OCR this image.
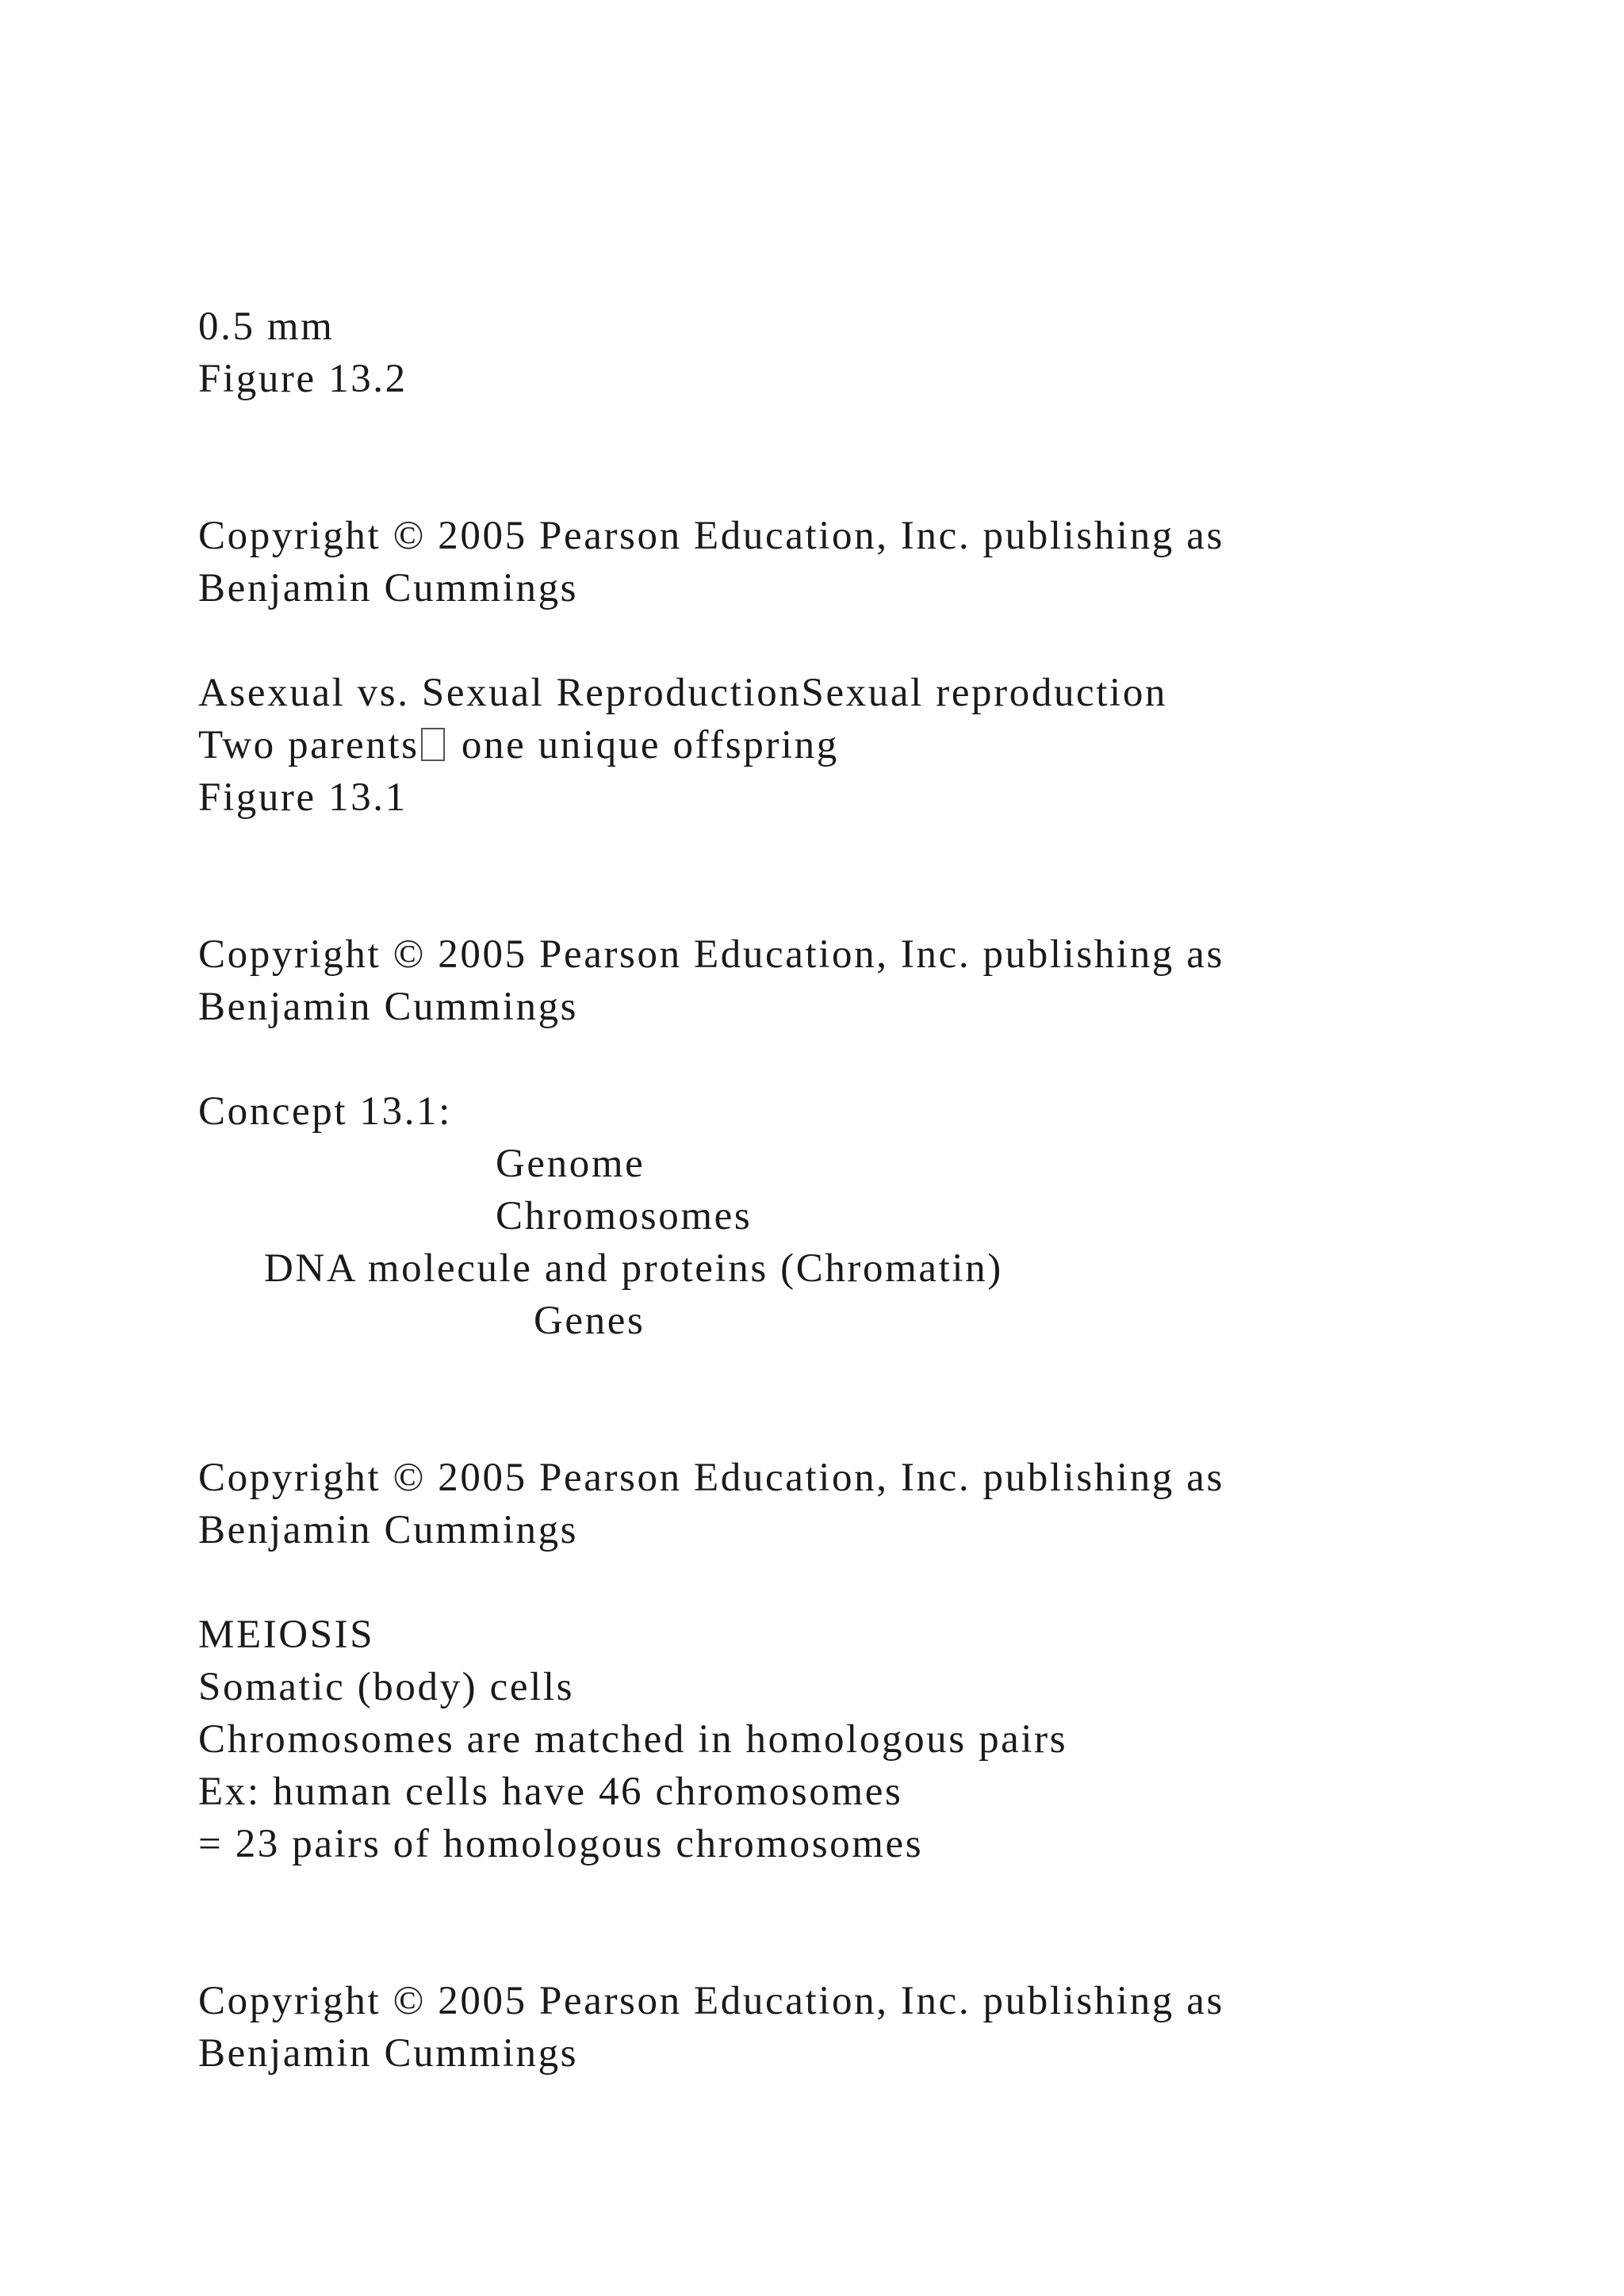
0.5 mm
Figure 13.2
Copyright © 2005 Pearson Education, Inc. publishing as
Benjamin Cummings
Asexual vs. Sexual ReproductionSexual reproduction
Two parents one unique offspring
Figure 13.1
Copyright © 2005 Pearson Education, Inc. publishing as
Benjamin Cummings
Concept 13.1:
Genome
Chromosomes
DNA molecule and proteins (Chromatin)
Genes
Copyright © 2005 Pearson Education, Inc. publishing as
Benjamin Cummings
MEIOSIS
Somatic (body) cells
Chromosomes are matched in homologous pairs
Ex: human cells have 46 chromosomes
= 23 pairs of homologous chromosomes
Copyright © 2005 Pearson Education, Inc. publishing as
Benjamin Cummings
